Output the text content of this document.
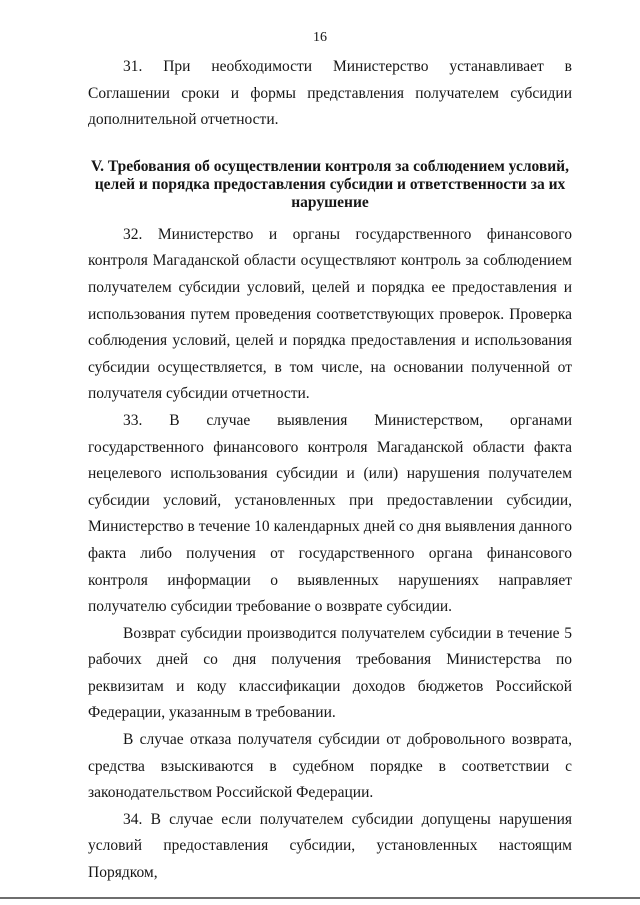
16

31. При необходимости Министерство устанавливает в Соглашении сроки и формы представления получателем субсидии дополнительной отчетности.

V. Требования об осуществлении контроля за соблюдением условий, целей и порядка предоставления субсидии и ответственности за их нарушение

32. Министерство и органы государственного финансового контроля Магаданской области осуществляют контроль за соблюдением получателем субсидии условий, целей и порядка ее предоставления и использования путем проведения соответствующих проверок. Проверка соблюдения условий, целей и порядка предоставления и использования субсидии осуществляется, в том числе, на основании полученной от получателя субсидии отчетности.

33. В случае выявления Министерством, органами государственного финансового контроля Магаданской области факта нецелевого использования субсидии и (или) нарушения получателем субсидии условий, установленных при предоставлении субсидии, Министерство в течение 10 календарных дней со дня выявления данного факта либо получения от государственного органа финансового контроля информации о выявленных нарушениях направляет получателю субсидии требование о возврате субсидии.

Возврат субсидии производится получателем субсидии в течение 5 рабочих дней со дня получения требования Министерства по реквизитам и коду классификации доходов бюджетов Российской Федерации, указанным в требовании.

В случае отказа получателя субсидии от добровольного возврата, средства взыскиваются в судебном порядке в соответствии с законодательством Российской Федерации.

34. В случае если получателем субсидии допущены нарушения условий предоставления субсидии, установленных настоящим Порядком,
